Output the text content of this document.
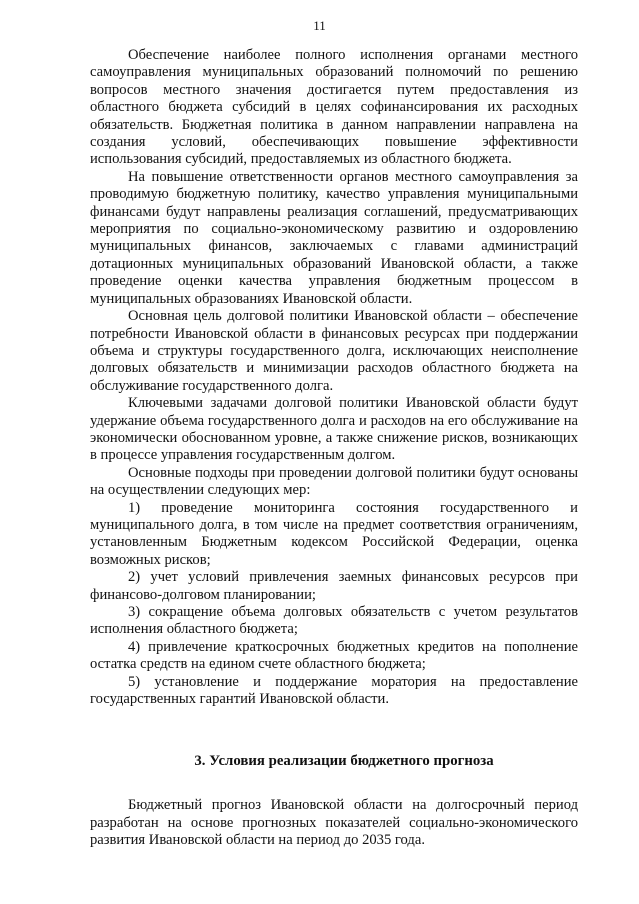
11

Обеспечение наиболее полного исполнения органами местного самоуправления муниципальных образований полномочий по решению вопросов местного значения достигается путем предоставления из областного бюджета субсидий в целях софинансирования их расходных обязательств. Бюджетная политика в данном направлении направлена на создания условий, обеспечивающих повышение эффективности использования субсидий, предоставляемых из областного бюджета.

На повышение ответственности органов местного самоуправления за проводимую бюджетную политику, качество управления муниципальными финансами будут направлены реализация соглашений, предусматривающих мероприятия по социально-экономическому развитию и оздоровлению муниципальных финансов, заключаемых с главами администраций дотационных муниципальных образований Ивановской области, а также проведение оценки качества управления бюджетным процессом в муниципальных образованиях Ивановской области.

Основная цель долговой политики Ивановской области – обеспечение потребности Ивановской области в финансовых ресурсах при поддержании объема и структуры государственного долга, исключающих неисполнение долговых обязательств и минимизации расходов областного бюджета на обслуживание государственного долга.

Ключевыми задачами долговой политики Ивановской области будут удержание объема государственного долга и расходов на его обслуживание на экономически обоснованном уровне, а также снижение рисков, возникающих в процессе управления государственным долгом.

Основные подходы при проведении долговой политики будут основаны на осуществлении следующих мер:

1) проведение мониторинга состояния государственного и муниципального долга, в том числе на предмет соответствия ограничениям, установленным Бюджетным кодексом Российской Федерации, оценка возможных рисков;

2) учет условий привлечения заемных финансовых ресурсов при финансово-долговом планировании;

3) сокращение объема долговых обязательств с учетом результатов исполнения областного бюджета;

4) привлечение краткосрочных бюджетных кредитов на пополнение остатка средств на едином счете областного бюджета;

5) установление и поддержание моратория на предоставление государственных гарантий Ивановской области.

3. Условия реализации бюджетного прогноза

Бюджетный прогноз Ивановской области на долгосрочный период разработан на основе прогнозных показателей социально-экономического развития Ивановской области на период до 2035 года.
